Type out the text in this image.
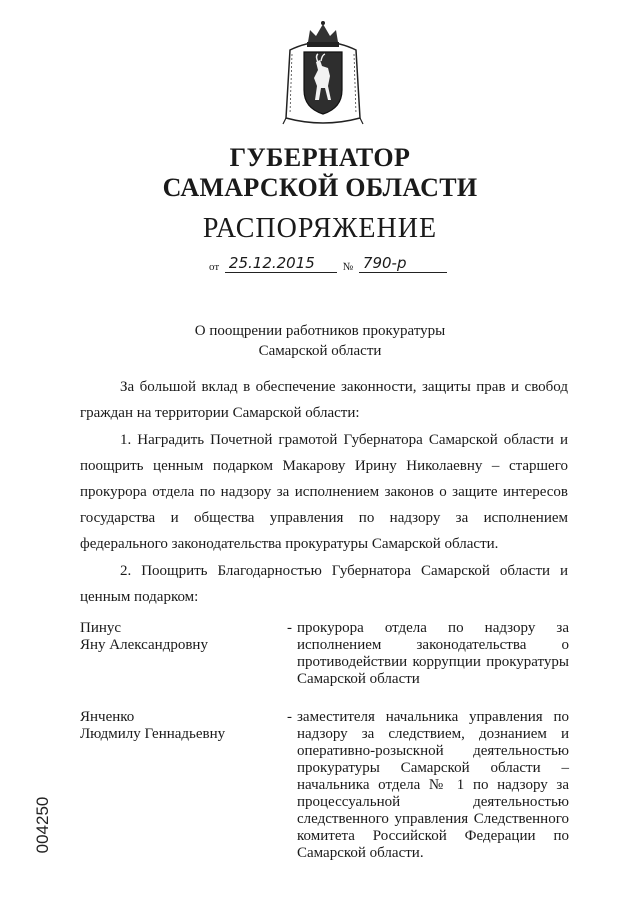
ГУБЕРНАТОР
САМАРСКОЙ ОБЛАСТИ
РАСПОРЯЖЕНИЕ
от 25.12.2015	№ 790-р
О поощрении работников прокуратуры
Самарской области
За большой вклад в обеспечение законности, защиты прав и свобод граждан на территории Самарской области:
1. Наградить Почетной грамотой Губернатора Самарской области и поощрить ценным подарком Макарову Ирину Николаевну – старшего прокурора отдела по надзору за исполнением законов о защите интересов государства и общества управления по надзору за исполнением федерального законодательства прокуратуры Самарской области.
2. Поощрить Благодарностью Губернатора Самарской области и ценным подарком:
Пинус
Яну Александровну
- прокурора отдела по надзору за исполнением законодательства о противодействии коррупции прокуратуры Самарской области
Янченко
Людмилу Геннадьевну
- заместителя начальника управления по надзору за следствием, дознанием и оперативно-розыскной деятельностью прокуратуры Самарской области – начальника отдела № 1 по надзору за процессуальной деятельностью следственного управления Следственного комитета Российской Федерации по Самарской области.
004250
